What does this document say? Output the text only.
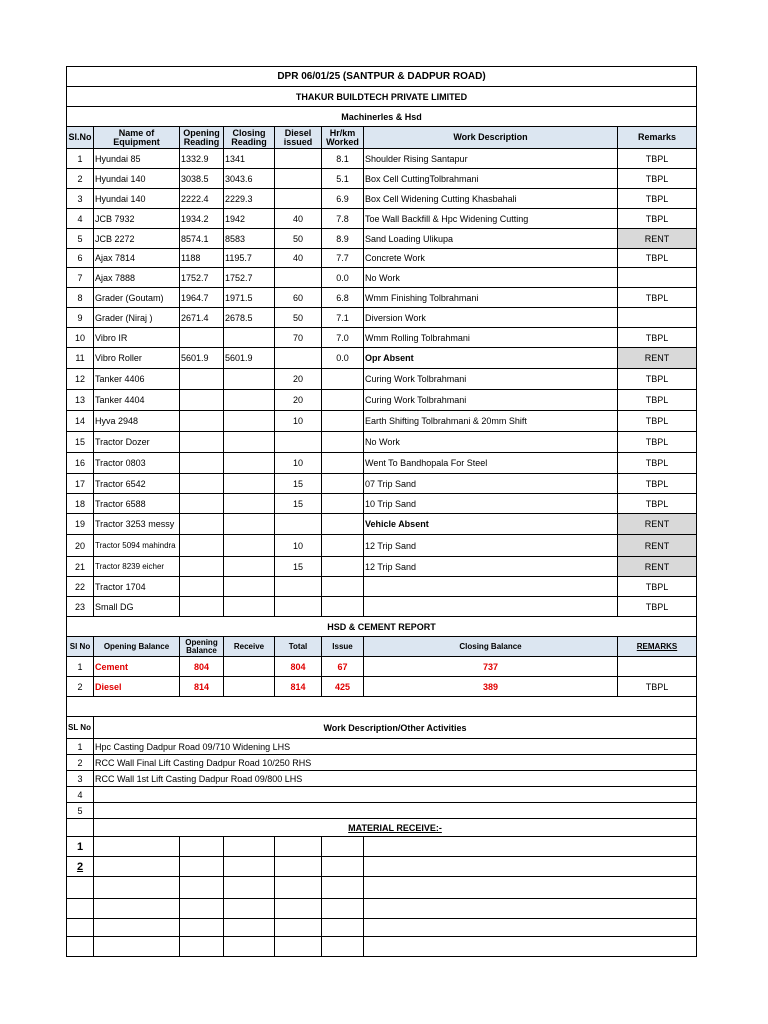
DPR 06/01/25 (SANTPUR & DADPUR ROAD)							
THAKUR BUILDTECH PRIVATE LIMITED							
Machinerles & Hsd							
Sl.No	Name of Equipment	Opening Reading	Closing Reading	Diesel issued	Hr/km Worked	Work Description	Remarks
1	Hyundai 85	1332.9	1341		8.1	Shoulder Rising Santapur	TBPL
2	Hyundai 140	3038.5	3043.6		5.1	Box Cell CuttingTolbrahmani	TBPL
3	Hyundai 140	2222.4	2229.3		6.9	Box Cell Widening Cutting Khasbahali	TBPL
4	JCB 7932	1934.2	1942	40	7.8	Toe Wall Backfill & Hpc Widening Cutting	TBPL
5	JCB 2272	8574.1	8583	50	8.9	Sand Loading Ulikupa	RENT
6	Ajax 7814	1188	1195.7	40	7.7	Concrete Work	TBPL
7	Ajax 7888	1752.7	1752.7		0.0	No Work	
8	Grader (Goutam)	1964.7	1971.5	60	6.8	Wmm Finishing Tolbrahmani	TBPL
9	Grader (Niraj )	2671.4	2678.5	50	7.1	Diversion Work	
10	Vibro IR			70	7.0	Wmm Rolling Tolbrahmani	TBPL
11	Vibro Roller	5601.9	5601.9		0.0	Opr Absent	RENT
12	Tanker 4406			20		Curing Work Tolbrahmani	TBPL
13	Tanker 4404			20		Curing Work Tolbrahmani	TBPL
14	Hyva 2948			10		Earth Shifting Tolbrahmani & 20mm Shift	TBPL
15	Tractor Dozer					No Work	TBPL
16	Tractor 0803			10		Went To Bandhopala For Steel	TBPL
17	Tractor 6542			15		07 Trip Sand	TBPL
18	Tractor 6588			15		10 Trip Sand	TBPL
19	Tractor 3253 messy					Vehicle Absent	RENT
20	Tractor 5094 mahindra			10		12 Trip Sand	RENT
21	Tractor 8239 eicher			15		12 Trip Sand	RENT
22	Tractor 1704						TBPL
23	Small DG						TBPL
HSD & CEMENT REPORT							
Sl No	Opening Balance	Opening Balance	Receive	Total	Issue	Closing Balance	REMARKS
1	Cement	804		804	67	737	
2	Diesel	814		814	425	389	TBPL

SL No	Work Description/Other Activities						
1	Hpc Casting Dadpur Road 09/710 Widening LHS						
2	RCC Wall Final Lift Casting Dadpur Road 10/250 RHS						
3	RCC Wall 1st Lift Casting Dadpur Road 09/800 LHS						
4							
5							
	MATERIAL RECEIVE:-						
1							
2							
